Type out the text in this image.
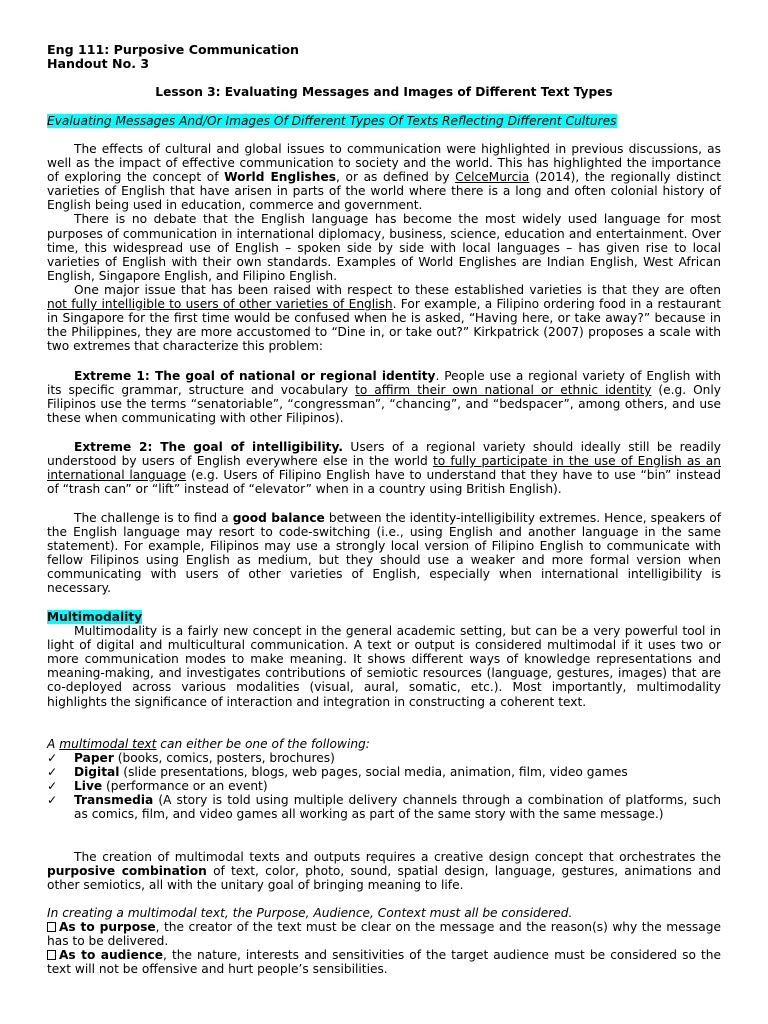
Eng 111: Purposive Communication
Handout No. 3
Lesson 3: Evaluating Messages and Images of Different Text Types
Evaluating Messages And/Or Images Of Different Types Of Texts Reflecting Different Cultures

The effects of cultural and global issues to communication were highlighted in previous discussions, as well as the impact of effective communication to society and the world. This has highlighted the importance of exploring the concept of World Englishes, or as defined by CelceMurcia (2014), the regionally distinct varieties of English that have arisen in parts of the world where there is a long and often colonial history of English being used in education, commerce and government.

There is no debate that the English language has become the most widely used language for most purposes of communication in international diplomacy, business, science, education and entertainment. Over time, this widespread use of English – spoken side by side with local languages – has given rise to local varieties of English with their own standards. Examples of World Englishes are Indian English, West African English, Singapore English, and Filipino English.

One major issue that has been raised with respect to these established varieties is that they are often not fully intelligible to users of other varieties of English. For example, a Filipino ordering food in a restaurant in Singapore for the first time would be confused when he is asked, “Having here, or take away?” because in the Philippines, they are more accustomed to “Dine in, or take out?” Kirkpatrick (2007) proposes a scale with two extremes that characterize this problem:

Extreme 1: The goal of national or regional identity. People use a regional variety of English with its specific grammar, structure and vocabulary to affirm their own national or ethnic identity (e.g. Only Filipinos use the terms “senatoriable”, “congressman”, “chancing”, and “bedspacer”, among others, and use these when communicating with other Filipinos).

Extreme 2: The goal of intelligibility. Users of a regional variety should ideally still be readily understood by users of English everywhere else in the world to fully participate in the use of English as an international language (e.g. Users of Filipino English have to understand that they have to use “bin” instead of “trash can” or “lift” instead of “elevator” when in a country using British English).

The challenge is to find a good balance between the identity-intelligibility extremes. Hence, speakers of the English language may resort to code-switching (i.e., using English and another language in the same statement). For example, Filipinos may use a strongly local version of Filipino English to communicate with fellow Filipinos using English as medium, but they should use a weaker and more formal version when communicating with users of other varieties of English, especially when international intelligibility is necessary.

Multimodality

Multimodality is a fairly new concept in the general academic setting, but can be a very powerful tool in light of digital and multicultural communication. A text or output is considered multimodal if it uses two or more communication modes to make meaning. It shows different ways of knowledge representations and meaning-making, and investigates contributions of semiotic resources (language, gestures, images) that are co-deployed across various modalities (visual, aural, somatic, etc.). Most importantly, multimodality highlights the significance of interaction and integration in constructing a coherent text.

A multimodal text can either be one of the following:
✓ Paper (books, comics, posters, brochures)
✓ Digital (slide presentations, blogs, web pages, social media, animation, film, video games
✓ Live (performance or an event)
✓ Transmedia (A story is told using multiple delivery channels through a combination of platforms, such as comics, film, and video games all working as part of the same story with the same message.)

The creation of multimodal texts and outputs requires a creative design concept that orchestrates the purposive combination of text, color, photo, sound, spatial design, language, gestures, animations and other semiotics, all with the unitary goal of bringing meaning to life.

In creating a multimodal text, the Purpose, Audience, Context must all be considered.

As to purpose, the creator of the text must be clear on the message and the reason(s) why the message has to be delivered.

As to audience, the nature, interests and sensitivities of the target audience must be considered so the text will not be offensive and hurt people’s sensibilities.
